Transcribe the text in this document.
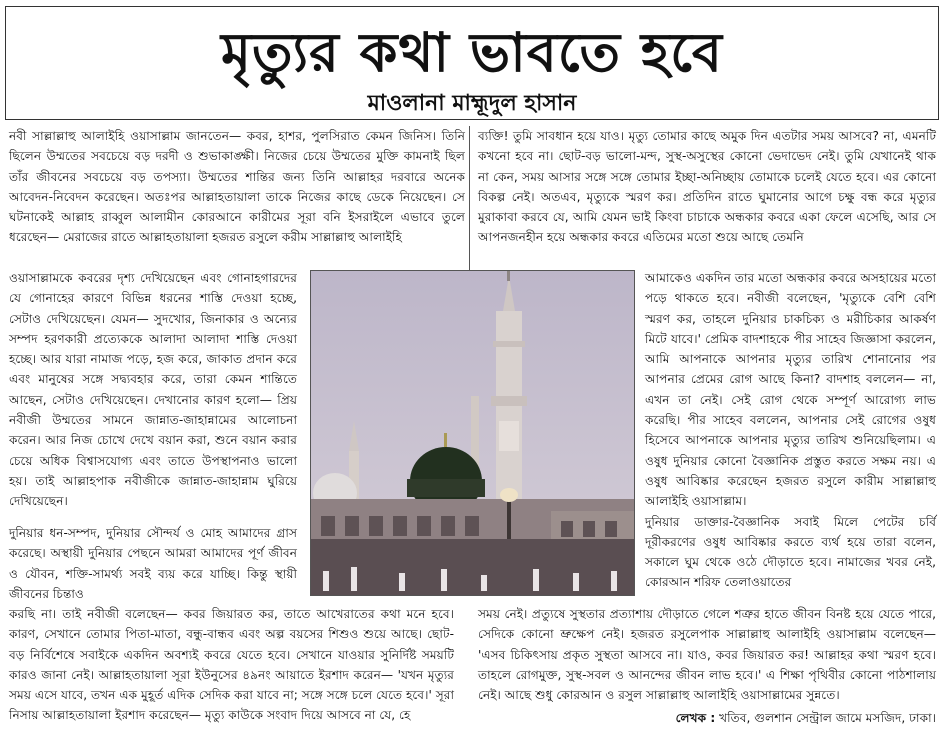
মৃত্যুর কথা ভাবতে হবে
মাওলানা মাহ্মূদুল হাসান

নবী সাল্লাল্লাহু আলাইহি ওয়াসাল্লাম জানতেন— কবর, হাশর, পুলসিরাত কেমন জিনিস। তিনি ছিলেন উম্মতের সবচেয়ে বড় দরদী ও শুভাকাঙ্ক্ষী। নিজের চেয়ে উম্মতের মুক্তি কামনাই ছিল তাঁর জীবনের সবচেয়ে বড় তপস্যা। উম্মতের শান্তির জন্য তিনি আল্লাহর দরবারে অনেক আবেদন-নিবেদন করেছেন। অতঃপর আল্লাহতায়ালা তাকে নিজের কাছে ডেকে নিয়েছেন। সে ঘটনাকেই আল্লাহ রাব্বুল আলামীন কোরআনে কারীমের সূরা বনি ইসরাইলে এভাবে তুলে ধরেছেন— মেরাজের রাতে আল্লাহতায়ালা হজরত রসুলে করীম সাল্লাল্লাহু আলাইহি

ওয়াসাল্লামকে কবরের দৃশ্য দেখিয়েছেন এবং গোনাহগারদের যে গোনাহের কারণে বিভিন্ন ধরনের শাস্তি দেওয়া হচ্ছে, সেটাও দেখিয়েছেন। যেমন— সুদখোর, জিনাকার ও অন্যের সম্পদ হরণকারী প্রত্যেককে আলাদা আলাদা শাস্তি দেওয়া হচ্ছে। আর যারা নামাজ পড়ে, হজ করে, জাকাত প্রদান করে এবং মানুষের সঙ্গে সদ্ব্যবহার করে, তারা কেমন শান্তিতে আছেন, সেটাও দেখিয়েছেন। দেখানোর কারণ হলো— প্রিয় নবীজী উম্মতের সামনে জান্নাত-জাহান্নামের আলোচনা করেন। আর নিজ চোখে দেখে বয়ান করা, শুনে বয়ান করার চেয়ে অধিক বিশ্বাসযোগ্য এবং তাতে উপস্থাপনাও ভালো হয়। তাই আল্লাহপাক নবীজীকে জান্নাত-জাহান্নাম ঘুরিয়ে দেখিয়েছেন।

দুনিয়ার ধন-সম্পদ, দুনিয়ার সৌন্দর্য ও মোহ আমাদের গ্রাস করেছে। অস্থায়ী দুনিয়ার পেছনে আমরা আমাদের পূর্ণ জীবন ও যৌবন, শক্তি-সামর্থ্য সবই ব্যয় করে যাচ্ছি। কিন্তু স্থায়ী জীবনের চিন্তাও

ব্যক্তি! তুমি সাবধান হয়ে যাও। মৃত্যু তোমার কাছে অমুক দিন এতটার সময় আসবে? না, এমনটি কখনো হবে না। ছোট-বড় ভালো-মন্দ, সুস্থ-অসুস্থের কোনো ভেদাভেদ নেই। তুমি যেখানেই থাক না কেন, সময় আসার সঙ্গে সঙ্গে তোমার ইচ্ছা-অনিচ্ছায় তোমাকে চলেই যেতে হবে। এর কোনো বিকল্প নেই। অতএব, মৃত্যুকে স্মরণ কর। প্রতিদিন রাতে ঘুমানোর আগে চক্ষু বন্ধ করে মৃত্যুর মুরাকাবা করবে যে, আমি যেমন ভাই কিংবা চাচাকে অন্ধকার কবরে একা ফেলে এসেছি, আর সে আপনজনহীন হয়ে অন্ধকার কবরে এতিমের মতো শুয়ে আছে তেমনি

আমাকেও একদিন তার মতো অন্ধকার কবরে অসহায়ের মতো পড়ে থাকতে হবে। নবীজী বলেছেন, 'মৃত্যুকে বেশি বেশি স্মরণ কর, তাহলে দুনিয়ার চাকচিক্য ও মরীচিকার আকর্ষণ মিটে যাবে।' প্রেমিক বাদশাহকে পীর সাহেব জিজ্ঞাসা করলেন, আমি আপনাকে আপনার মৃত্যুর তারিখ শোনানোর পর আপনার প্রেমের রোগ আছে কিনা? বাদশাহ বললেন— না, এখন তা নেই। সেই রোগ থেকে সম্পূর্ণ আরোগ্য লাভ করেছি। পীর সাহেব বললেন, আপনার সেই রোগের ওষুধ হিসেবে আপনাকে আপনার মৃত্যুর তারিখ শুনিয়েছিলাম। এ ওষুধ দুনিয়ার কোনো বৈজ্ঞানিক প্রস্তুত করতে সক্ষম নয়। এ ওষুধ আবিষ্কার করেছেন হজরত রসুলে কারীম সাল্লাল্লাহু আলাইহি ওয়াসাল্লাম।

দুনিয়ার ডাক্তার-বৈজ্ঞানিক সবাই মিলে পেটের চর্বি দূরীকরণের ওষুধ আবিষ্কার করতে ব্যর্থ হয়ে তারা বলেন, সকালে ঘুম থেকে ওঠে দৌড়াতে হবে। নামাজের খবর নেই, কোরআন শরিফ তেলাওয়াতের

করছি না। তাই নবীজী বলেছেন— কবর জিয়ারত কর, তাতে আখেরাতের কথা মনে হবে। কারণ, সেখানে তোমার পিতা-মাতা, বন্ধু-বান্ধব এবং অল্প বয়সের শিশুও শুয়ে আছে। ছোট-বড় নির্বিশেষে সবাইকে একদিন অবশ্যই কবরে যেতে হবে। সেখানে যাওয়ার সুনির্দিষ্ট সময়টি কারও জানা নেই। আল্লাহতায়ালা সূরা ইউনুসের ৪৯নং আয়াতে ইরশাদ করেন— 'যখন মৃত্যুর সময় এসে যাবে, তখন এক মুহূর্ত এদিক সেদিক করা যাবে না; সঙ্গে সঙ্গে চলে যেতে হবে।' সূরা নিসায় আল্লাহতায়ালা ইরশাদ করেছেন— মৃত্যু কাউকে সংবাদ দিয়ে আসবে না যে, হে

সময় নেই। প্রত্যুষে সুস্থতার প্রত্যাশায় দৌড়াতে গেলে শত্রুর হাতে জীবন বিনষ্ট হয়ে যেতে পারে, সেদিকে কোনো ভ্রুক্ষেপ নেই। হজরত রসুলেপাক সাল্লাল্লাহু আলাইহি ওয়াসাল্লাম বলেছেন— 'এসব চিকিৎসায় প্রকৃত সুস্থতা আসবে না। যাও, কবর জিয়ারত কর! আল্লাহর কথা স্মরণ হবে। তাহলে রোগমুক্ত, সুস্থ-সবল ও আনন্দের জীবন লাভ হবে।' এ শিক্ষা পৃথিবীর কোনো পাঠশালায় নেই। আছে শুধু কোরআন ও রসুল সাল্লাল্লাহু আলাইহি ওয়াসাল্লামের সুন্নতে।

লেখক : খতিব, গুলশান সেন্ট্রাল জামে মসজিদ, ঢাকা।
